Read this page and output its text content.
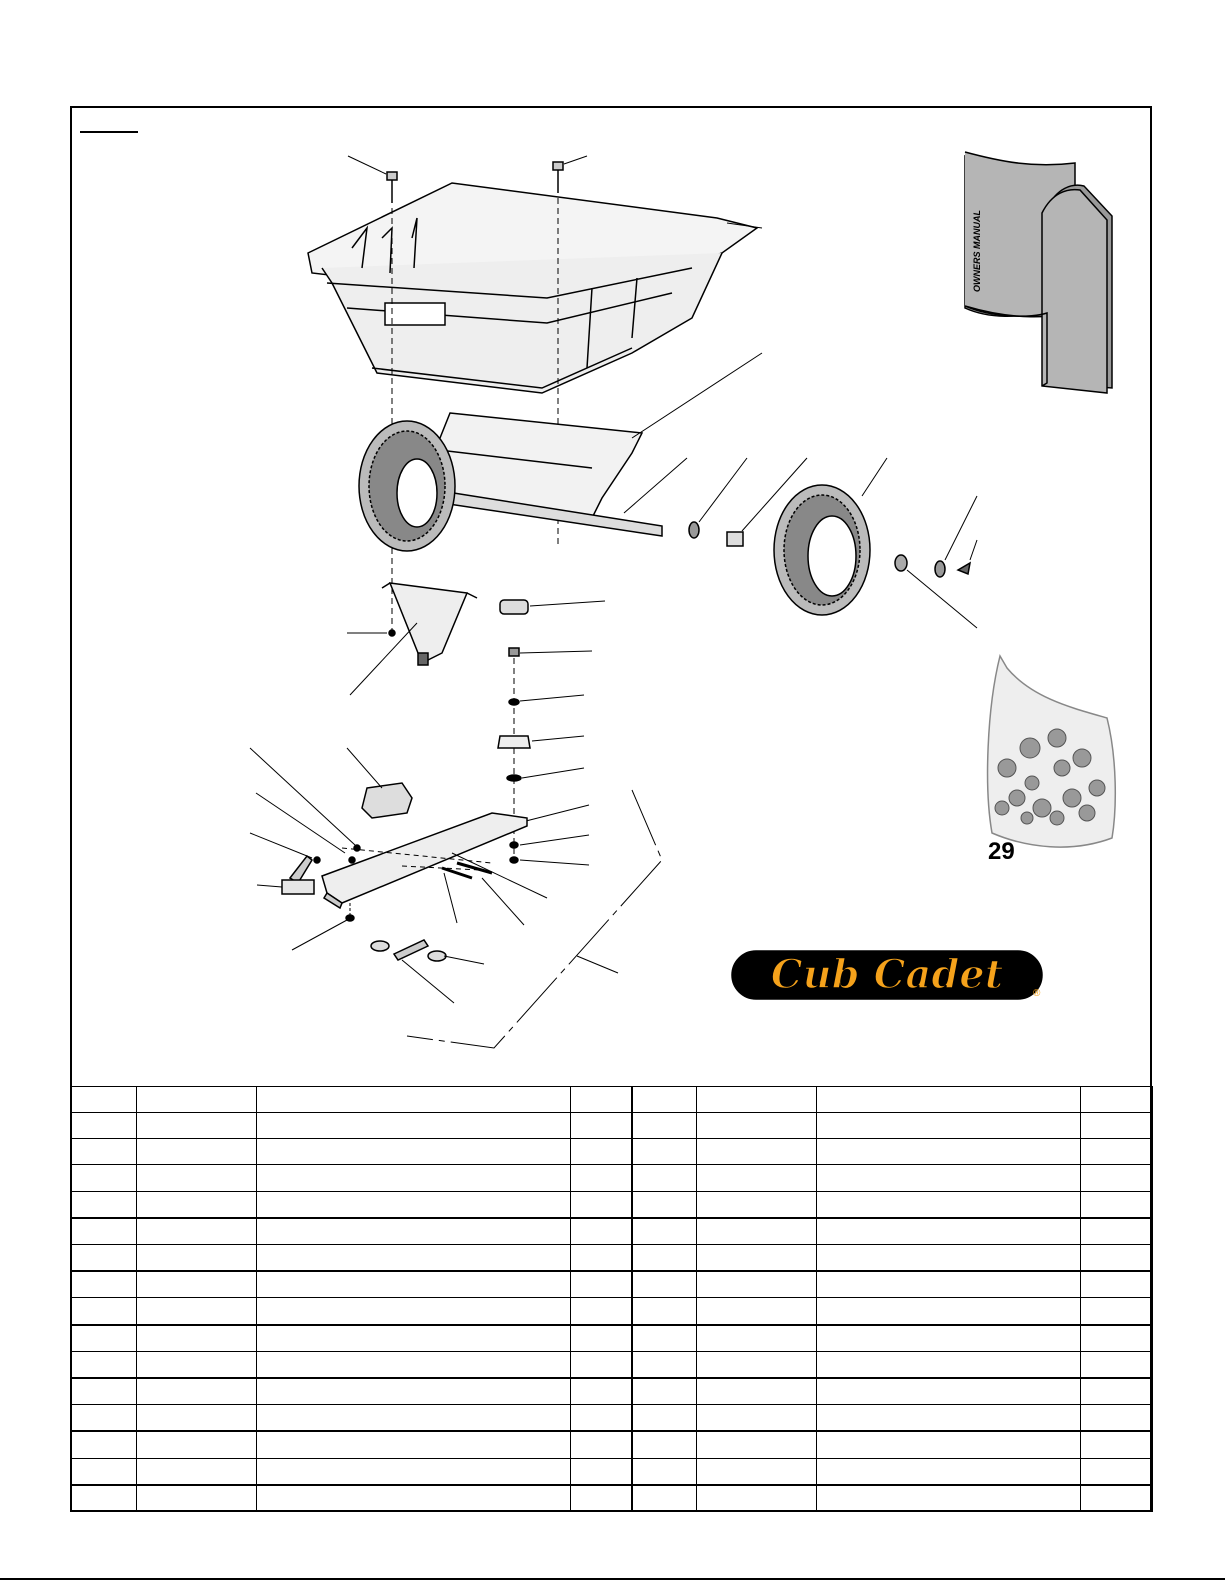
OWNERS MANUAL
Cub Cadet	®
29
